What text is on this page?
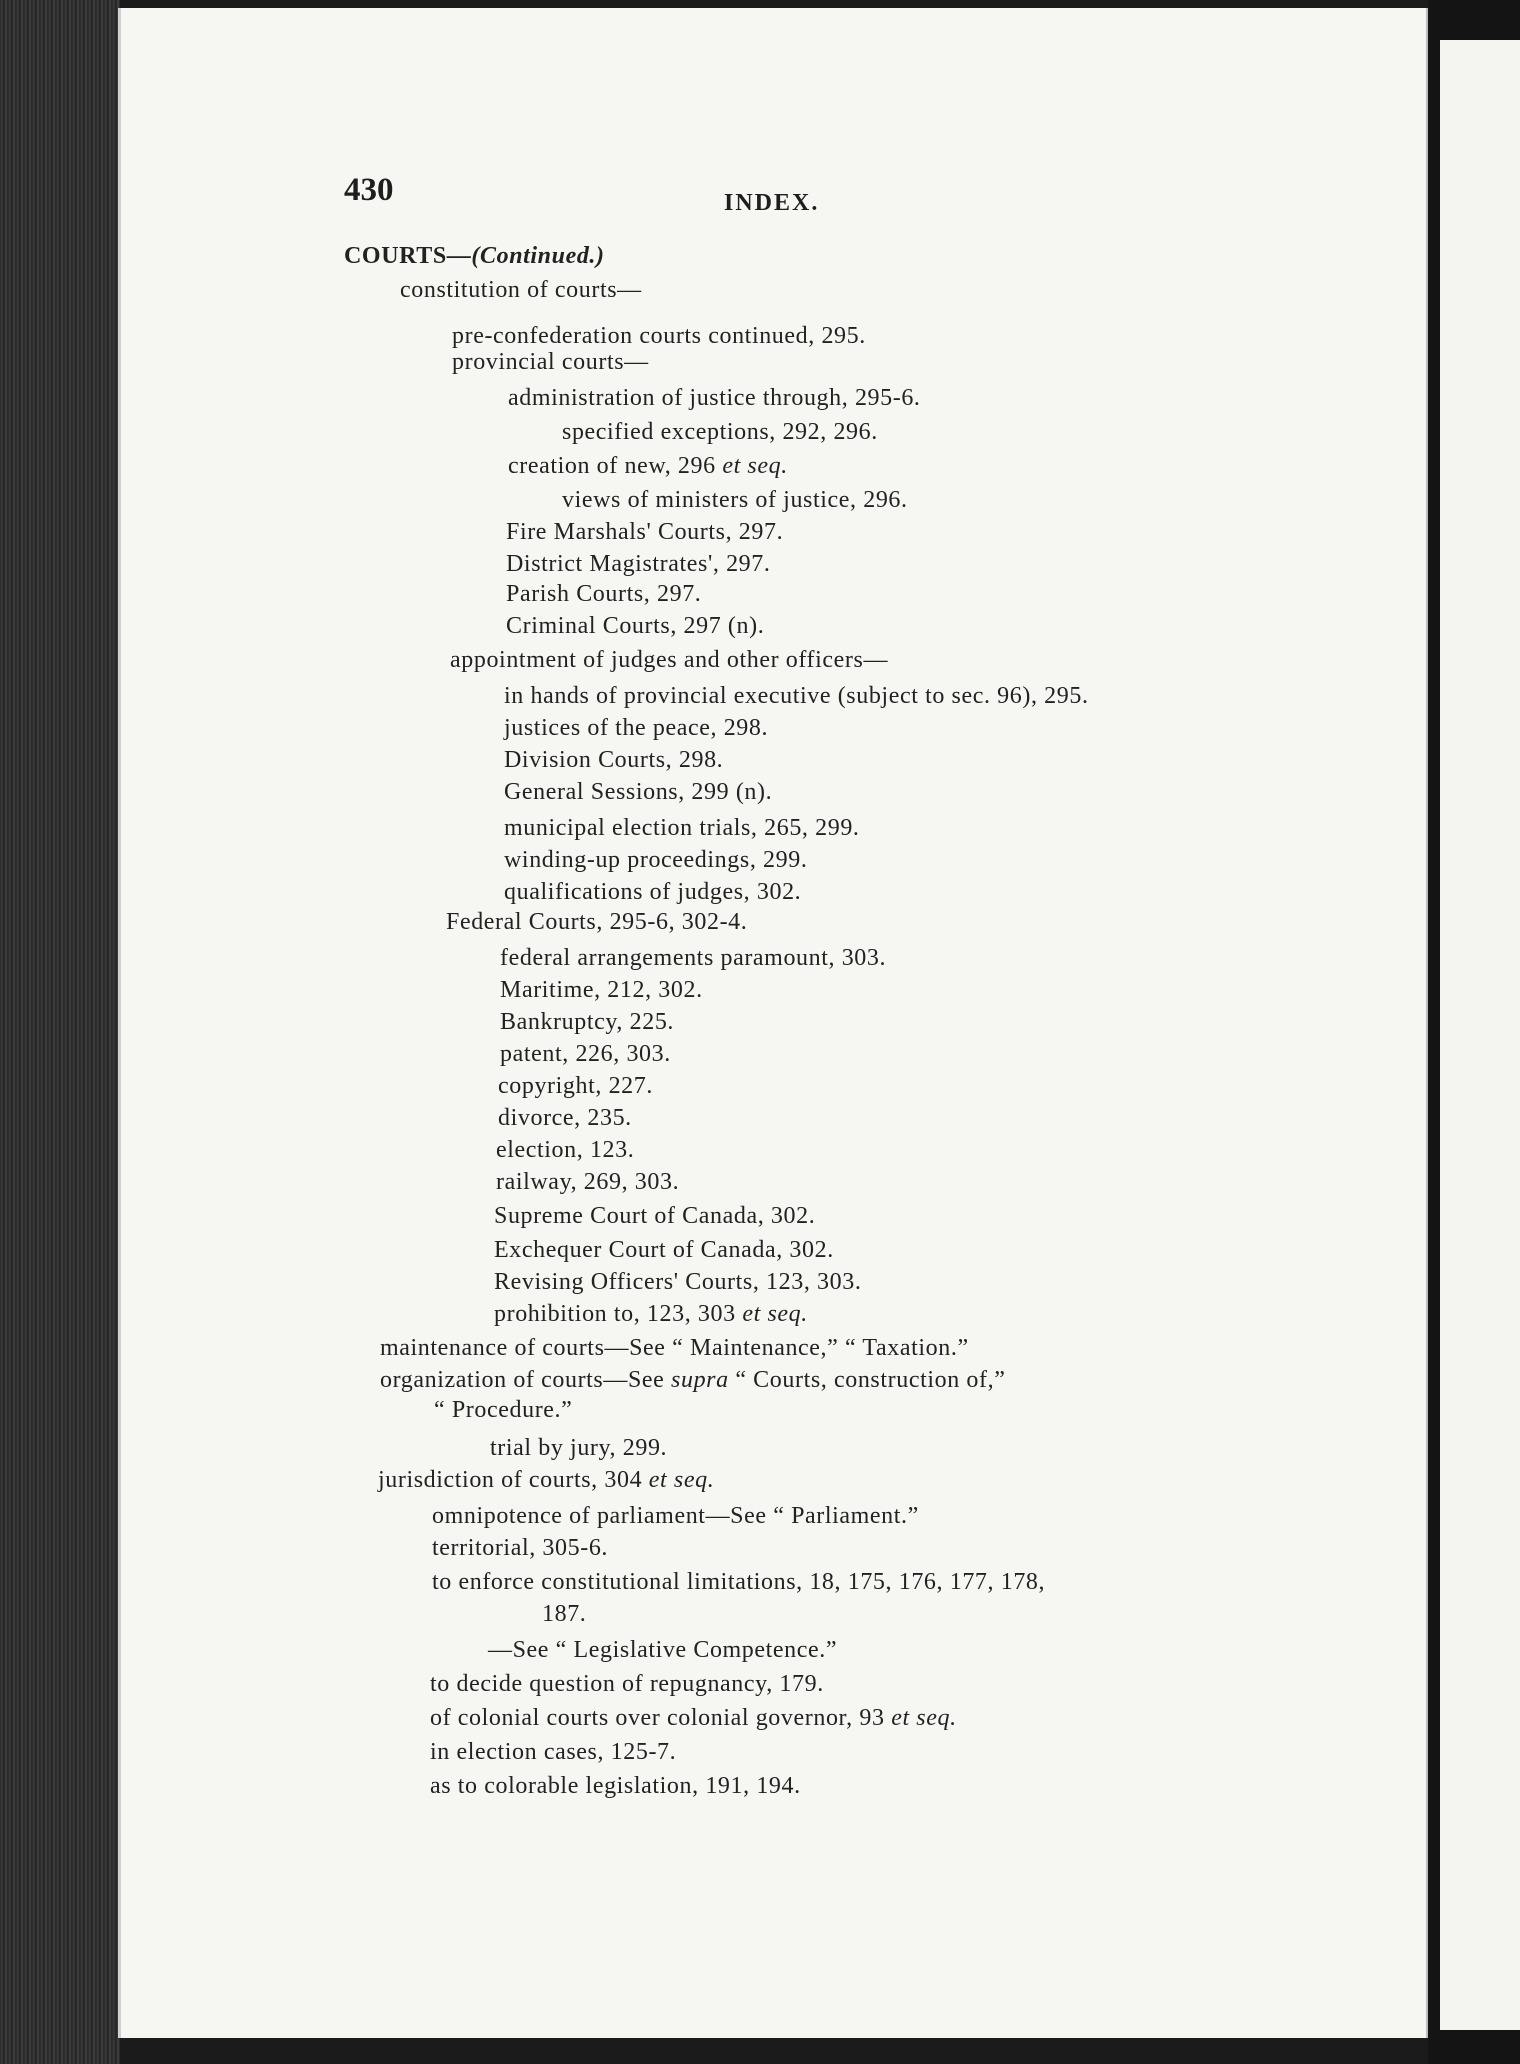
430	INDEX.
COURTS—(Continued.)
constitution of courts—
pre-confederation courts continued, 295.
provincial courts—
administration of justice through, 295-6.
specified exceptions, 292, 296.
creation of new, 296 et seq.
views of ministers of justice, 296.
Fire Marshals' Courts, 297.
District Magistrates', 297.
Parish Courts, 297.
Criminal Courts, 297 (n).
appointment of judges and other officers—
in hands of provincial executive (subject to sec. 96), 295.
justices of the peace, 298.
Division Courts, 298.
General Sessions, 299 (n).
municipal election trials, 265, 299.
winding-up proceedings, 299.
qualifications of judges, 302.
Federal Courts, 295-6, 302-4.
federal arrangements paramount, 303.
Maritime, 212, 302.
Bankruptcy, 225.
patent, 226, 303.
copyright, 227.
divorce, 235.
election, 123.
railway, 269, 303.
Supreme Court of Canada, 302.
Exchequer Court of Canada, 302.
Revising Officers' Courts, 123, 303.
prohibition to, 123, 303 et seq.
maintenance of courts—See “ Maintenance,” “ Taxation.”
organization of courts—See supra “ Courts, construction of,”
“ Procedure.”
trial by jury, 299.
jurisdiction of courts, 304 et seq.
omnipotence of parliament—See “ Parliament.”
territorial, 305-6.
to enforce constitutional limitations, 18, 175, 176, 177, 178,
187.
—See “ Legislative Competence.”
to decide question of repugnancy, 179.
of colonial courts over colonial governor, 93 et seq.
in election cases, 125-7.
as to colorable legislation, 191, 194.
